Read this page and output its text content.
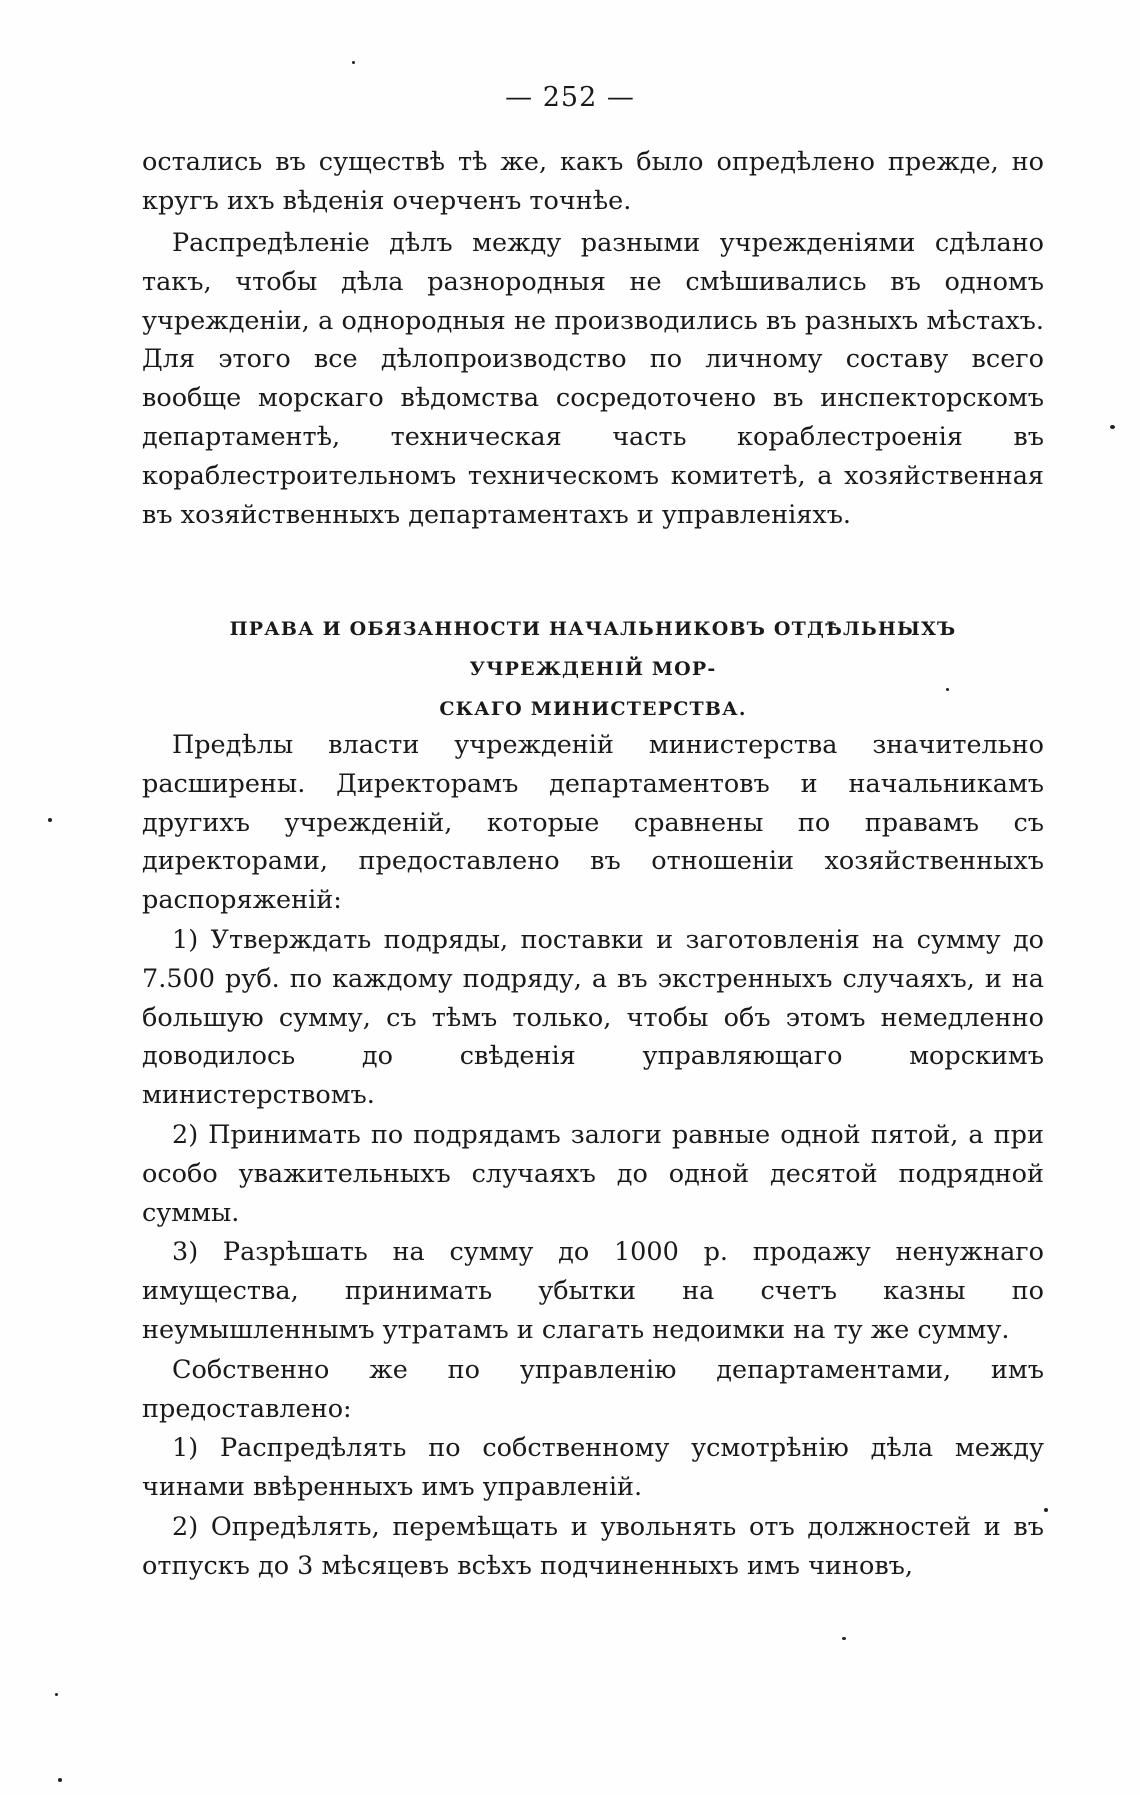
— 252 —

остались въ существѣ тѣ же, какъ было опредѣлено прежде, но кругъ ихъ вѣденія очерченъ точнѣе.

Распредѣленіе дѣлъ между разными учрежденіями сдѣлано такъ, чтобы дѣла разнородныя не смѣшивались въ одномъ учрежденіи, а однородныя не производились въ разныхъ мѣстахъ. Для этого все дѣлопроизводство по личному составу всего вообще морскаго вѣдомства сосредоточено въ инспекторскомъ департаментѣ, техническая часть кораблестроенія въ кораблестроительномъ техническомъ комитетѣ, а хозяйственная въ хозяйственныхъ департаментахъ и управленіяхъ.

ПРАВА И ОБЯЗАННОСТИ НАЧАЛЬНИКОВЪ ОТДѢЛЬНЫХЪ УЧРЕЖДЕНІЙ МОР-
СКАГО МИНИСТЕРСТВА.

Предѣлы власти учрежденій министерства значительно расширены. Директорамъ департаментовъ и начальникамъ другихъ учрежденій, которые сравнены по правамъ съ директорами, предоставлено въ отношеніи хозяйственныхъ распоряженій:

1) Утверждать подряды, поставки и заготовленія на сумму до 7.500 руб. по каждому подряду, а въ экстренныхъ случаяхъ, и на большую сумму, съ тѣмъ только, чтобы объ этомъ немедленно доводилось до свѣденія управляющаго морскимъ министерствомъ.

2) Принимать по подрядамъ залоги равные одной пятой, а при особо уважительныхъ случаяхъ до одной десятой подрядной суммы.

3) Разрѣшать на сумму до 1000 р. продажу ненужнаго имущества, принимать убытки на счетъ казны по неумышленнымъ утратамъ и слагать недоимки на ту же сумму.

Собственно же по управленію департаментами, имъ предоставлено:

1) Распредѣлять по собственному усмотрѣнію дѣла между чинами ввѣренныхъ имъ управленій.

2) Опредѣлять, перемѣщать и увольнять отъ должностей и въ отпускъ до 3 мѣсяцевъ всѣхъ подчиненныхъ имъ чиновъ,
